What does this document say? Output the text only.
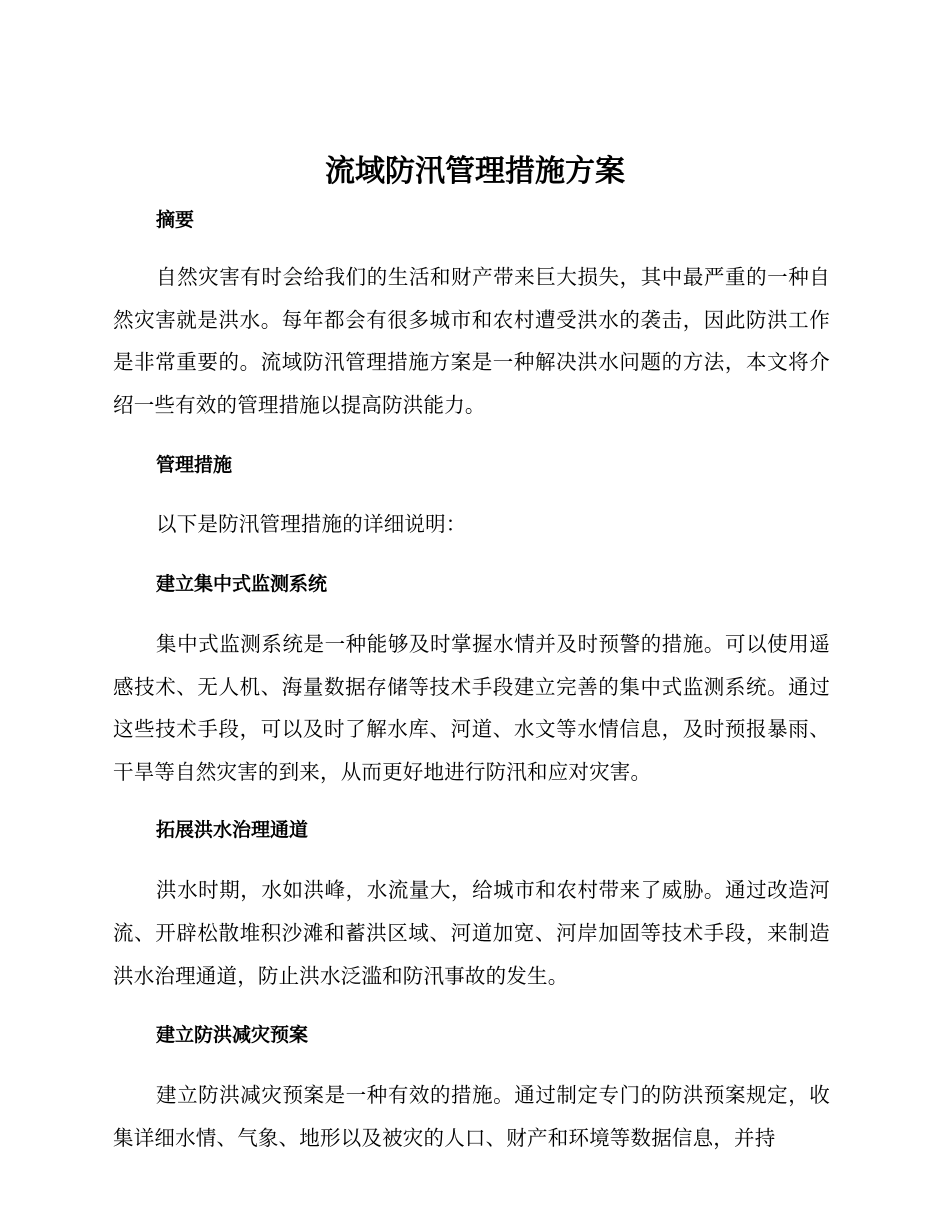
流域防汛管理措施方案
摘要

自然灾害有时会给我们的生活和财产带来巨大损失，其中最严重的一种自然灾害就是洪水。每年都会有很多城市和农村遭受洪水的袭击，因此防洪工作是非常重要的。流域防汛管理措施方案是一种解决洪水问题的方法，本文将介绍一些有效的管理措施以提高防洪能力。

管理措施

以下是防汛管理措施的详细说明：

建立集中式监测系统

集中式监测系统是一种能够及时掌握水情并及时预警的措施。可以使用遥感技术、无人机、海量数据存储等技术手段建立完善的集中式监测系统。通过这些技术手段，可以及时了解水库、河道、水文等水情信息，及时预报暴雨、干旱等自然灾害的到来，从而更好地进行防汛和应对灾害。

拓展洪水治理通道

洪水时期，水如洪峰，水流量大，给城市和农村带来了威胁。通过改造河流、开辟松散堆积沙滩和蓄洪区域、河道加宽、河岸加固等技术手段，来制造洪水治理通道，防止洪水泛滥和防汛事故的发生。

建立防洪减灾预案

建立防洪减灾预案是一种有效的措施。通过制定专门的防洪预案规定，收集详细水情、气象、地形以及被灾的人口、财产和环境等数据信息，并持
